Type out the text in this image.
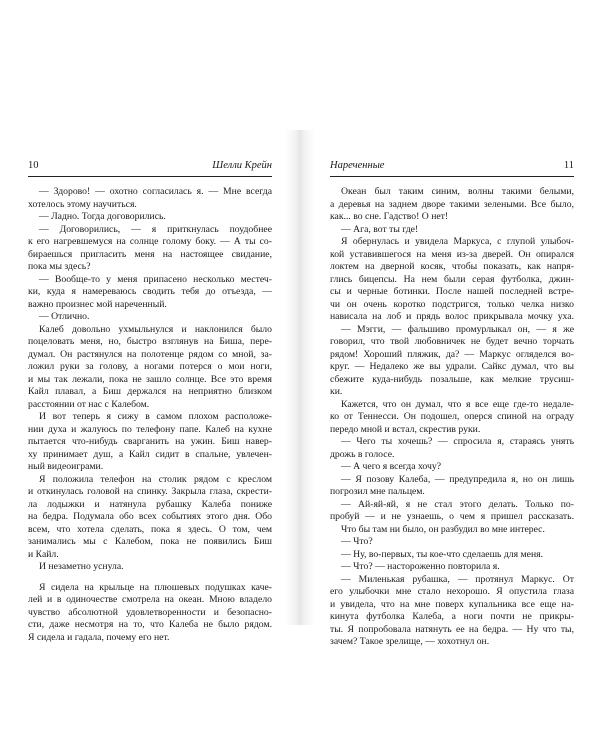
10	Шелли Крейн
— Здорово! — охотно согласилась я. — Мне всегда
хотелось этому научиться.
— Ладно. Тогда договорились.
— Договорились, — я приткнулась поудобнее
к его нагревшемуся на солнце голому боку. — А ты со-
бираешься пригласить меня на настоящее свидание,
пока мы здесь?
— Вообще-то у меня припасено несколько местеч-
ки, куда я намереваюсь сводить тебя до отъезда, —
важно произнес мой нареченный.
— Отлично.
Калеб довольно ухмыльнулся и наклонился было
поцеловать меня, но, быстро взглянув на Биша, пере-
думал. Он растянулся на полотенце рядом со мной, за-
ложил руки за голову, а ногами потерся о мои ноги,
и мы так лежали, пока не зашло солнце. Все это время
Кайл плавал, а Биш держался на неприятно близком
расстоянии от нас с Калебом.
И вот теперь я сижу в самом плохом расположе-
нии духа и жалуюсь по телефону папе. Калеб на кухне
пытается что-нибудь сварганить на ужин. Биш навер-
ху принимает душ, а Кайл сидит в спальне, увлечен-
ный видеоиграми.
Я положила телефон на столик рядом с креслом
и откинулась головой на спинку. Закрыла глаза, скрести-
ла лодыжки и натянула рубашку Калеба пониже
на бедра. Подумала обо всех событиях этого дня. Обо
всем, что хотела сделать, пока я здесь. О том, чем
занимались мы с Калебом, пока не появились Биш
и Кайл.
И незаметно уснула.
Я сидела на крыльце на плюшевых подушках каче-
лей и в одиночестве смотрела на океан. Мною владело
чувство абсолютной удовлетворенности и безопасно-
сти, даже несмотря на то, что Калеба не было рядом.
Я сидела и гадала, почему его нет.
Нареченные	11
Океан был таким синим, волны такими белыми,
а деревья на заднем дворе такими зелеными. Все было,
как... во сне. Гадство! О нет!
— Ага, вот ты где!
Я обернулась и увидела Маркуса, с глупой улыбоч-
кой уставившегося на меня из-за дверей. Он опирался
локтем на дверной косяк, чтобы показать, как напря-
глись бицепсы. На нем были серая футболка, джин-
сы и черные ботинки. После нашей последней встре-
чи он очень коротко подстригся, только челка низко
нависала на лоб и прядь волос прикрывала мочку уха.
— Мэгги, — фальшиво промурлыкал он, — я же
говорил, что твой любовничек не будет вечно торчать
рядом! Хороший пляжик, да? — Маркус огляделся во-
круг. — Недалеко же вы удрали. Сайкс думал, что вы
сбежите куда-нибудь позальше, как мелкие трусиш-
ки.
Кажется, что он думал, что я все еще где-то недале-
ко от Теннесси. Он подошел, оперся спиной на ограду
передо мной и встал, скрестив руки.
— Чего ты хочешь? — спросила я, стараясь унять
дрожь в голосе.
— А чего я всегда хочу?
— Я позову Калеба, — предупредила я, но он лишь
погрозил мне пальцем.
— Ай-яй-яй, я не стал этого делать. Только по-
пробуй — и не узнаешь, о чем я пришел рассказать.
Что бы там ни было, он разбудил во мне интерес.
— Что?
— Ну, во-первых, ты кое-что сделаешь для меня.
— Что? — настороженно повторила я.
— Миленькая рубашка, — протянул Маркус. От
его улыбочки мне стало нехорошо. Я опустила глаза
и увидела, что на мне поверх купальника все еще на-
кинута футболка Калеба, а ноги почти не прикры-
ты. Я попробовала натянуть ее на бедра. — Ну что ты,
зачем? Такое зрелище, — хохотнул он.
